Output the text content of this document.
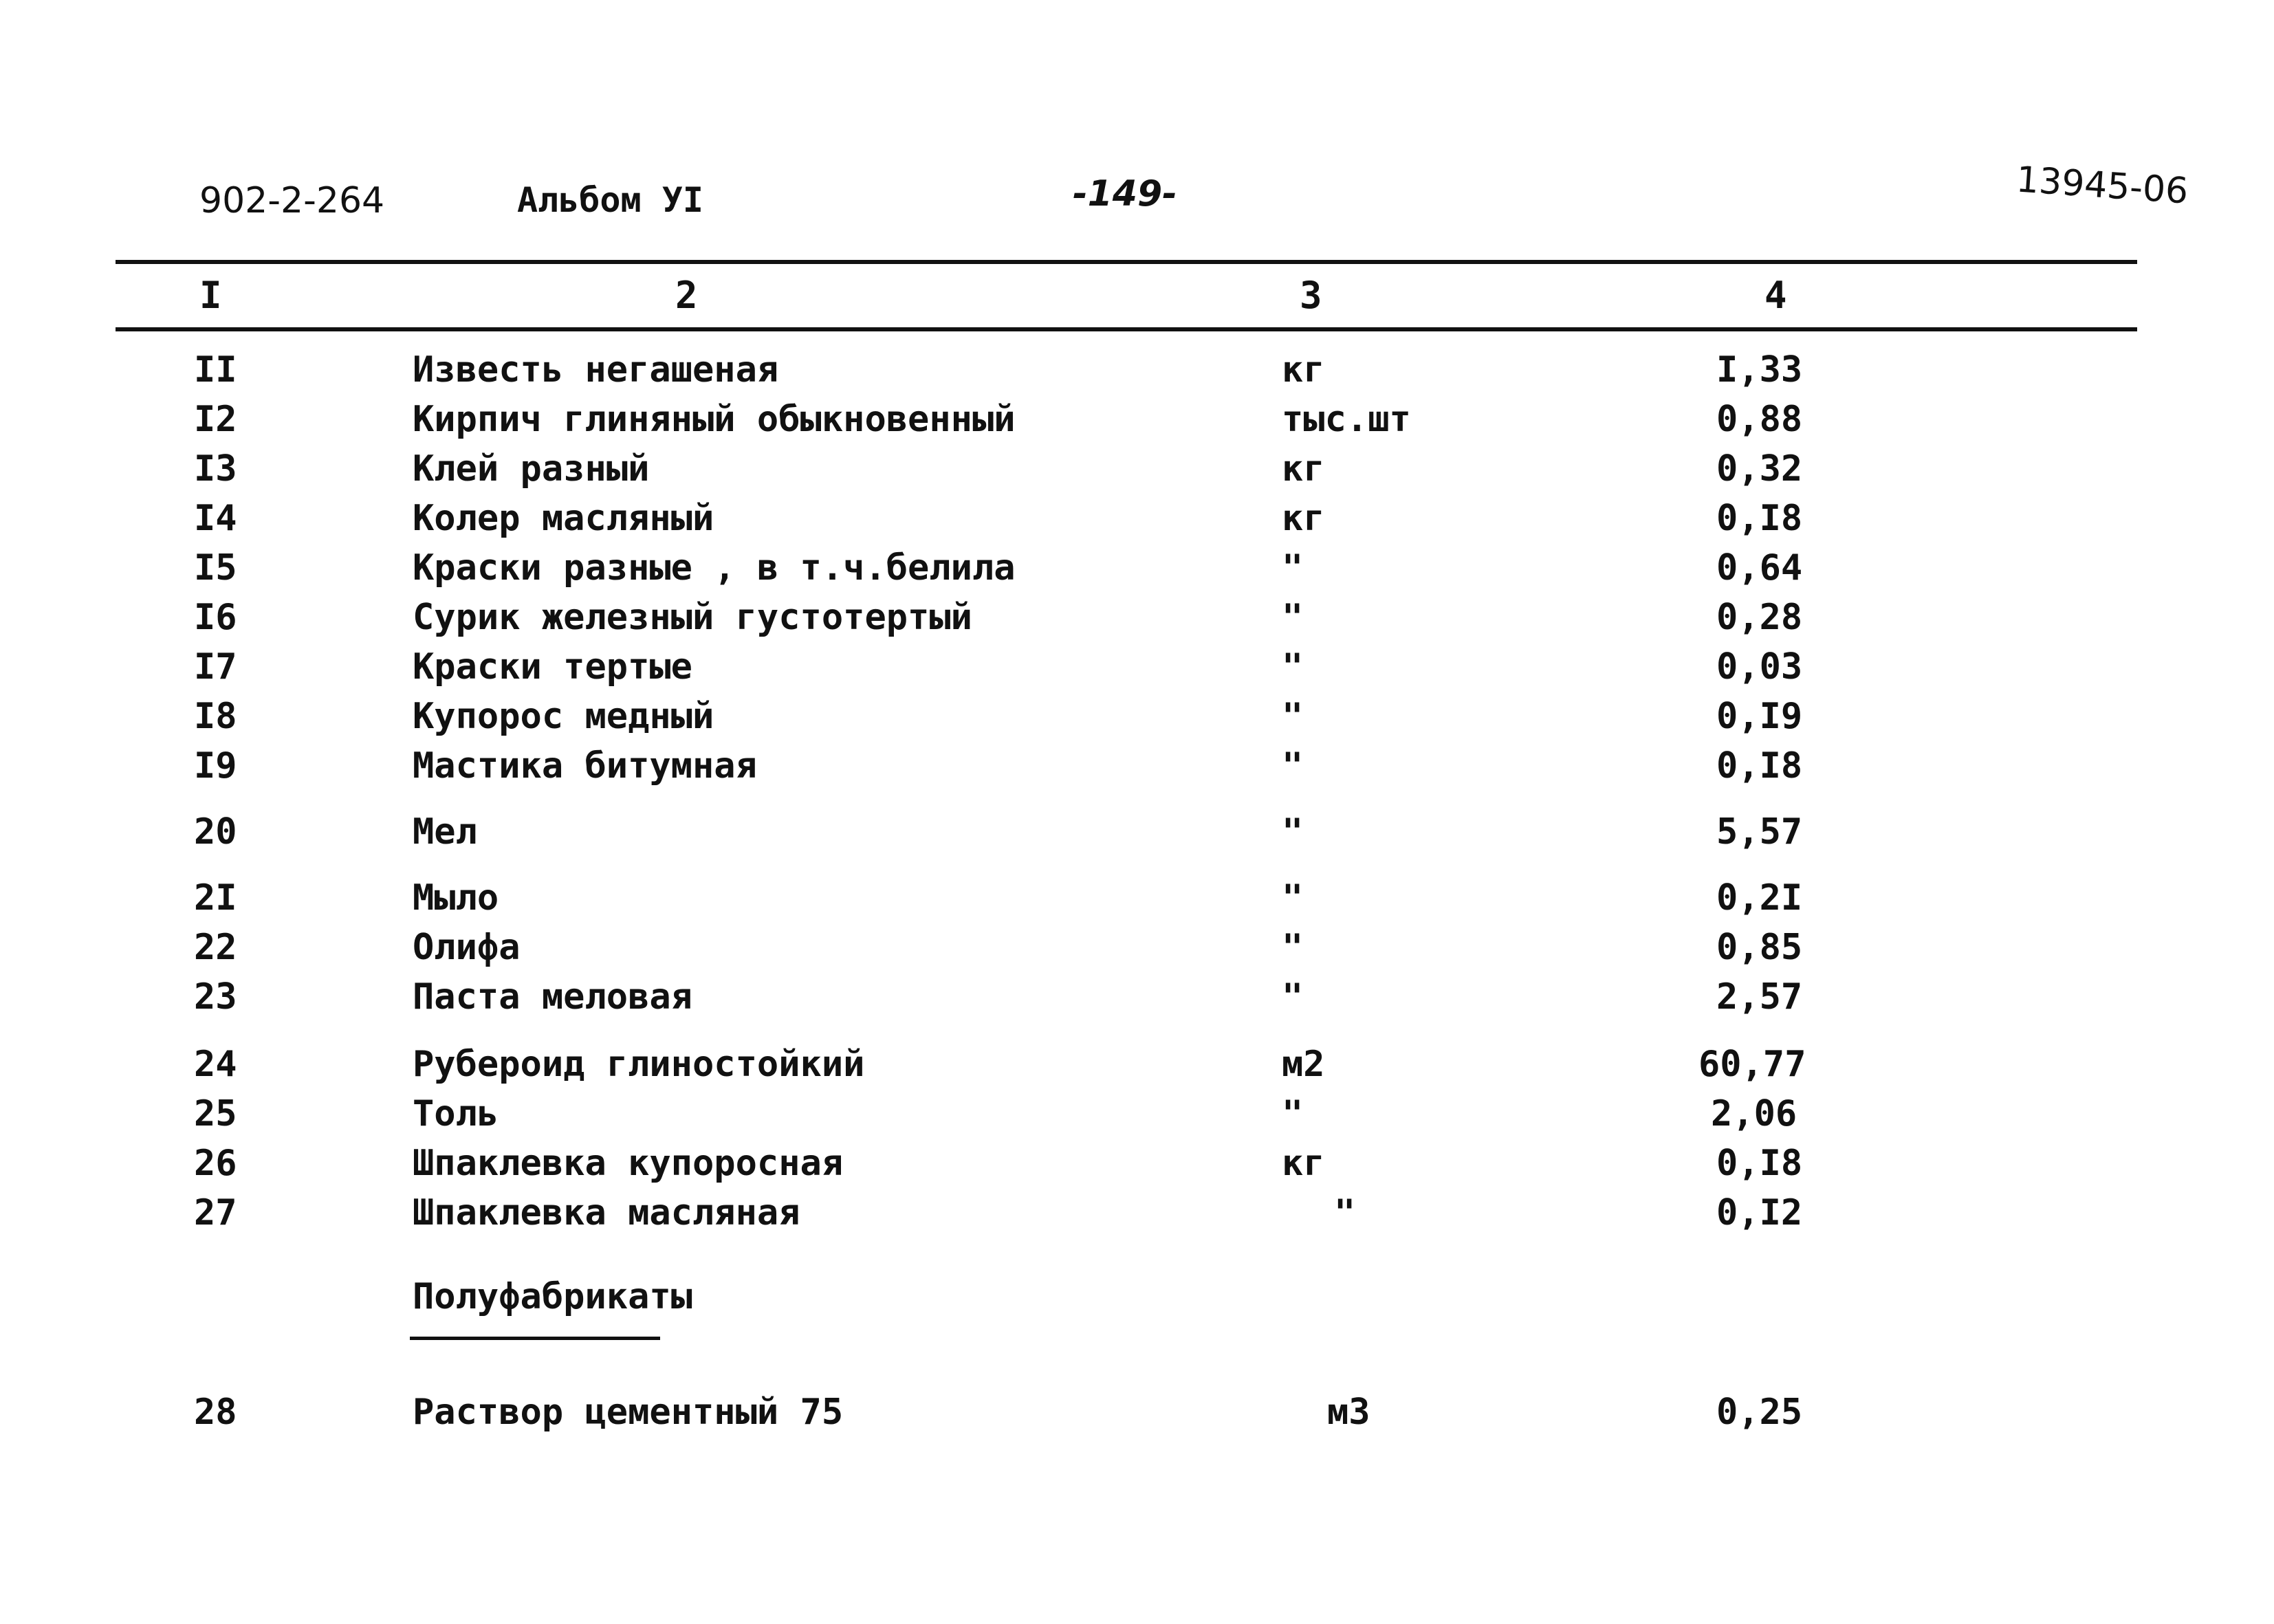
902-2-264	Альбом УI	-149-	13945-06
I	2	3	4
II	Известь негашеная	кг	I,33
I2	Кирпич глиняный обыкновенный	тыс.шт	0,88
I3	Клей разный	кг	0,32
I4	Колер масляный	кг	0,I8
I5	Краски разные , в т.ч.белила	"	0,64
I6	Сурик железный густотертый	"	0,28
I7	Краски тертые	"	0,03
I8	Купорос медный	"	0,I9
I9	Мастика битумная	"	0,I8
20	Мел	"	5,57
2I	Мыло	"	0,2I
22	Олифа	"	0,85
23	Паста меловая	"	2,57
24	Рубероид глиностойкий	м2	60,77
25	Толь	"	2,06
26	Шпаклевка купоросная	кг	0,I8
27	Шпаклевка масляная	"	0,I2
Полуфабрикаты
28	Раствор цементный 75	м3	0,25
